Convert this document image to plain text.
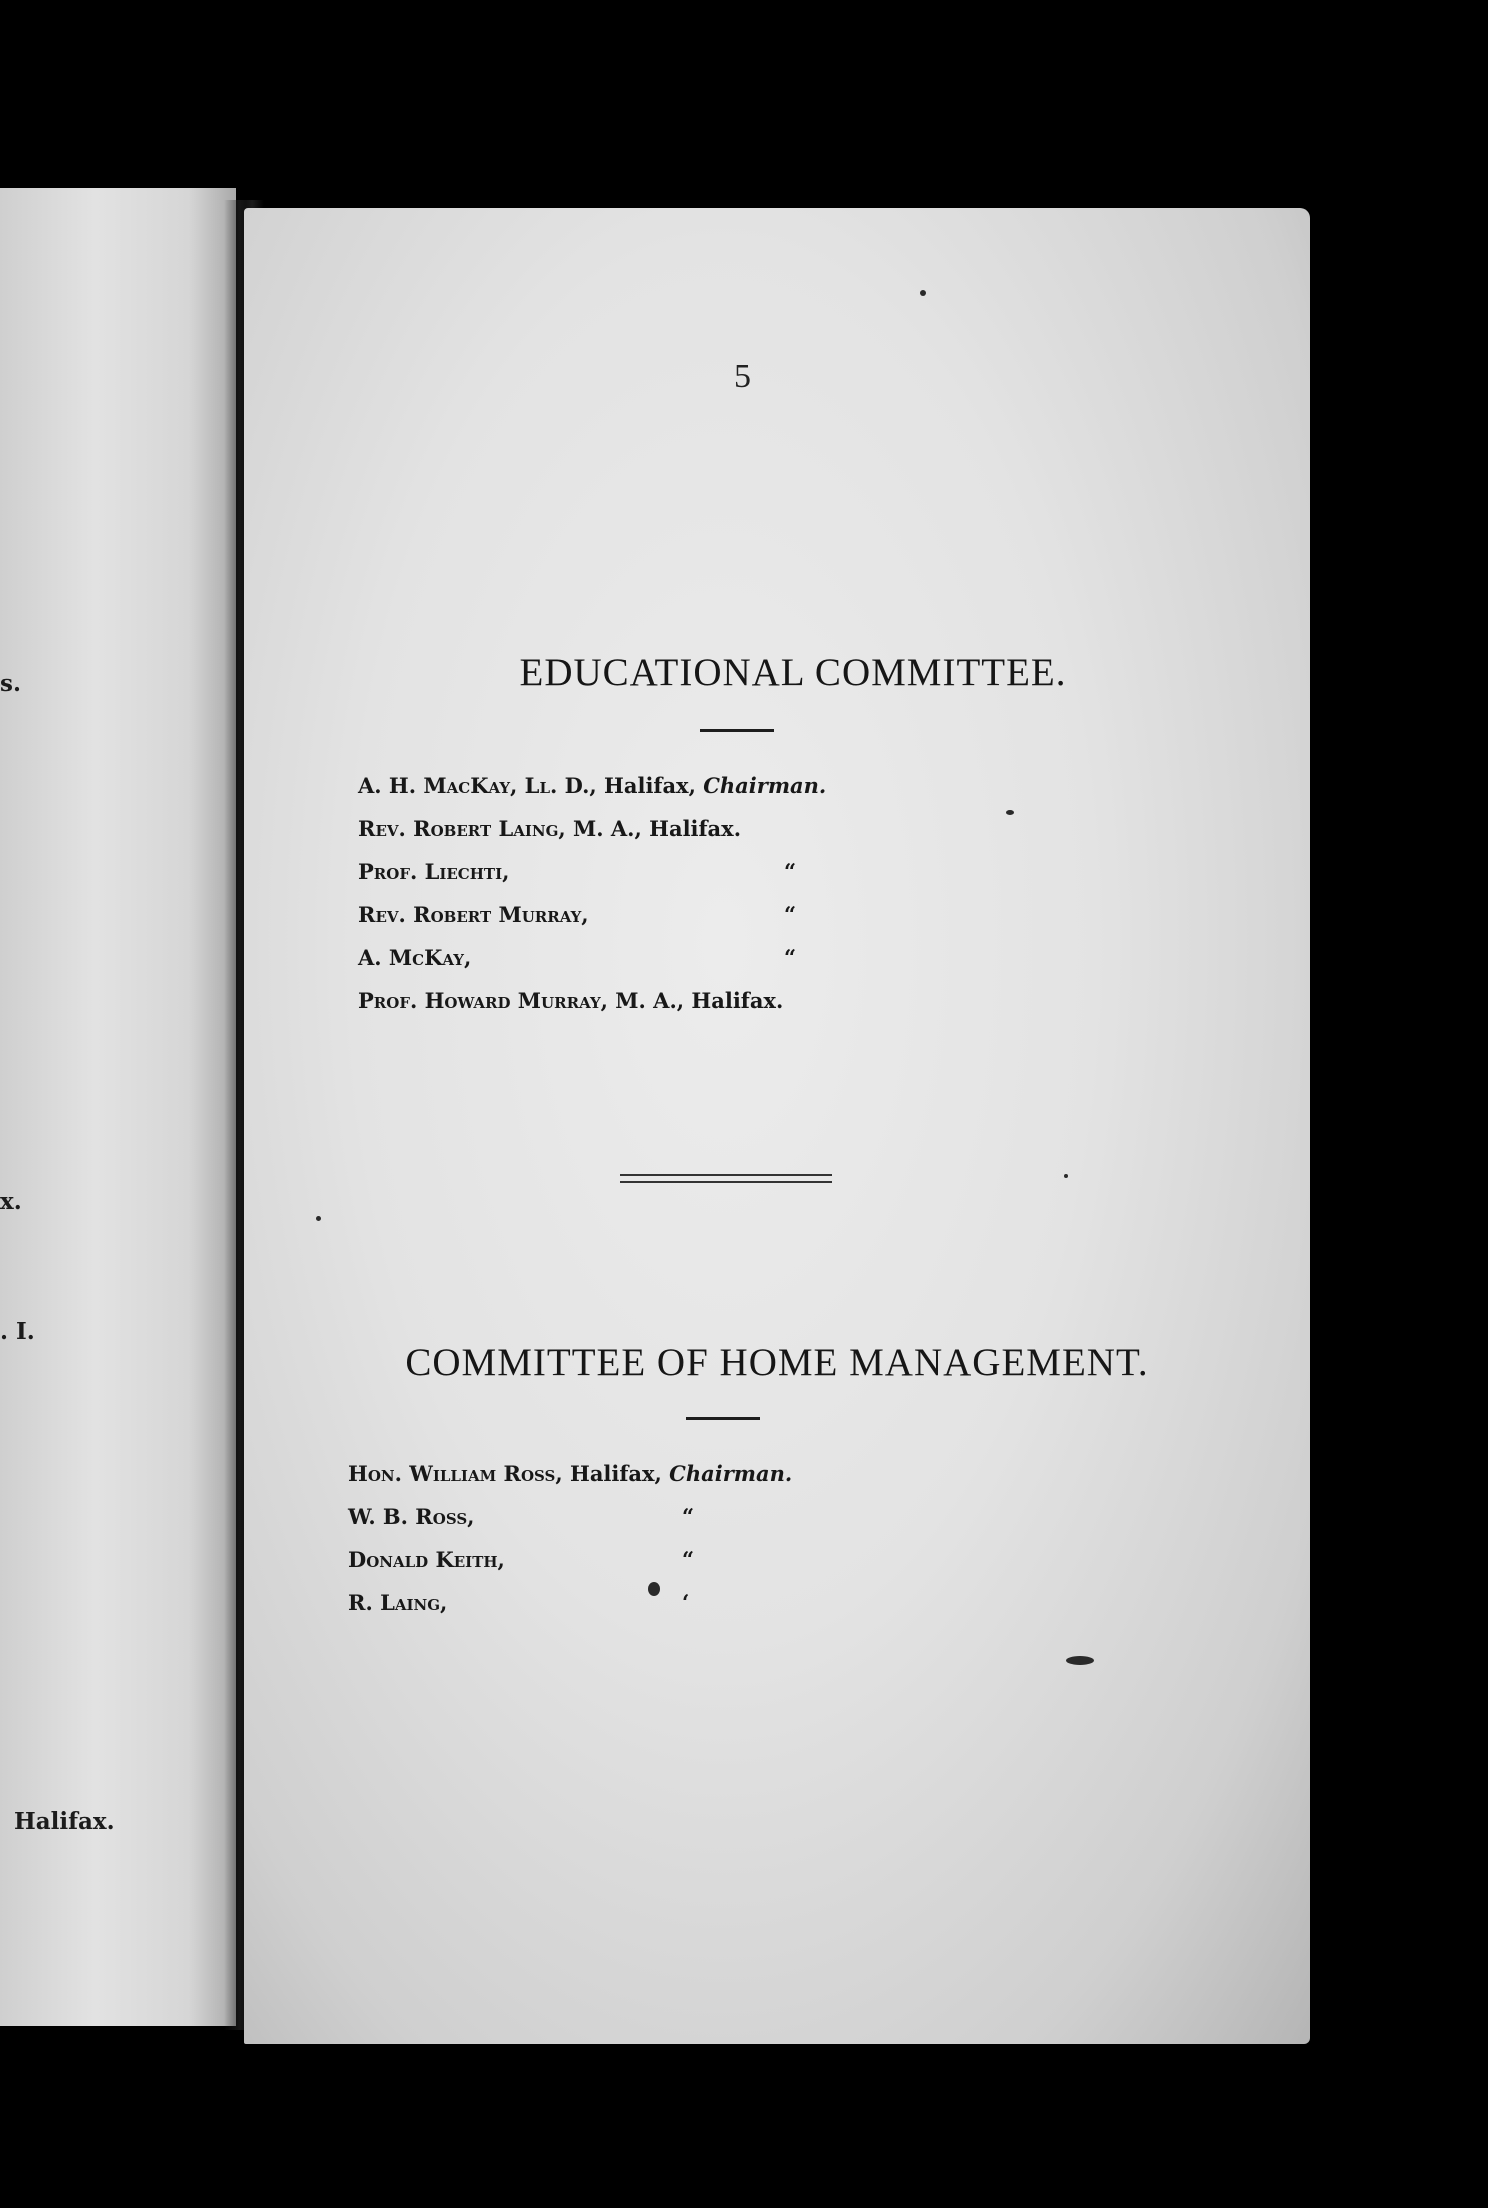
s.
x.
. I.
Halifax.
5
EDUCATIONAL COMMITTEE.
A. H. MacKay, Ll. D., Halifax, Chairman.
Rev. Robert Laing, M. A., Halifax.
Prof. Liechti,	“
Rev. Robert Murray,	“
A. McKay,	“
Prof. Howard Murray, M. A., Halifax.
COMMITTEE OF HOME MANAGEMENT.
Hon. William Ross, Halifax, Chairman.
W. B. Ross,	“
Donald Keith,	“
R. Laing,	‘
